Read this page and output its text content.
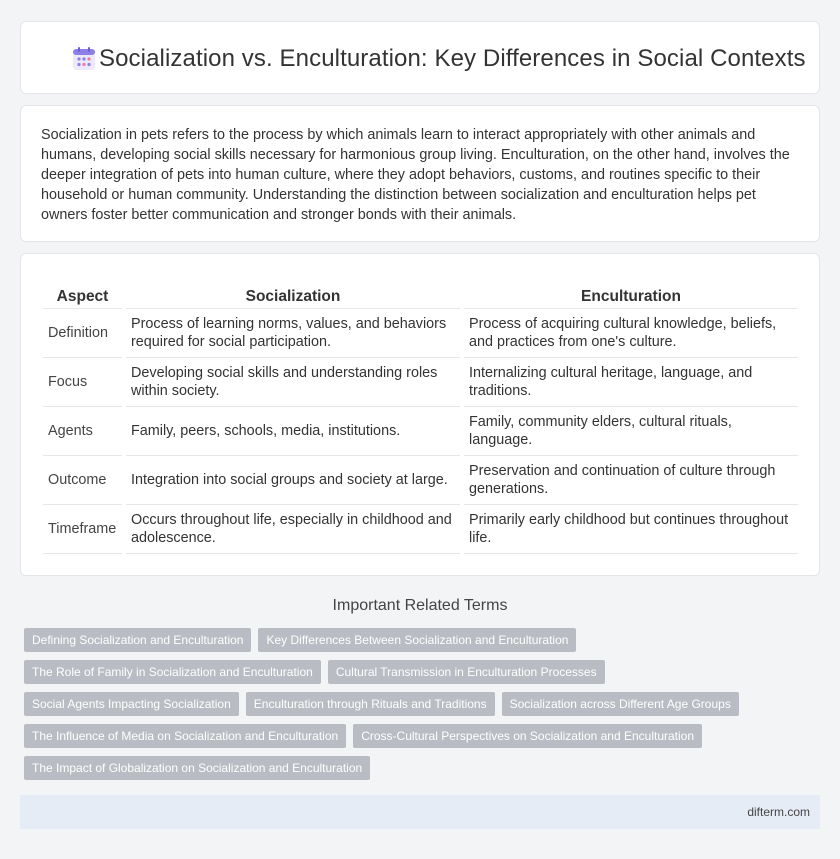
Socialization vs. Enculturation: Key Differences in Social Contexts

Socialization in pets refers to the process by which animals learn to interact appropriately with other animals and humans, developing social skills necessary for harmonious group living. Enculturation, on the other hand, involves the deeper integration of pets into human culture, where they adopt behaviors, customs, and routines specific to their household or human community. Understanding the distinction between socialization and enculturation helps pet owners foster better communication and stronger bonds with their animals.

Aspect		Socialization		Enculturation
Definition		Process of learning norms, values, and behaviors required for social participation.		Process of acquiring cultural knowledge, beliefs, and practices from one's culture.
Focus		Developing social skills and understanding roles within society.		Internalizing cultural heritage, language, and traditions.
Agents		Family, peers, schools, media, institutions.		Family, community elders, cultural rituals, language.
Outcome		Integration into social groups and society at large.		Preservation and continuation of culture through generations.
Timeframe		Occurs throughout life, especially in childhood and adolescence.		Primarily early childhood but continues throughout life.
Important Related Terms
Defining Socialization and Enculturation Key Differences Between Socialization and Enculturation
The Role of Family in Socialization and Enculturation Cultural Transmission in Enculturation Processes
Social Agents Impacting Socialization Enculturation through Rituals and Traditions Socialization across Different Age Groups
The Influence of Media on Socialization and Enculturation Cross-Cultural Perspectives on Socialization and Enculturation
The Impact of Globalization on Socialization and Enculturation
difterm.com
